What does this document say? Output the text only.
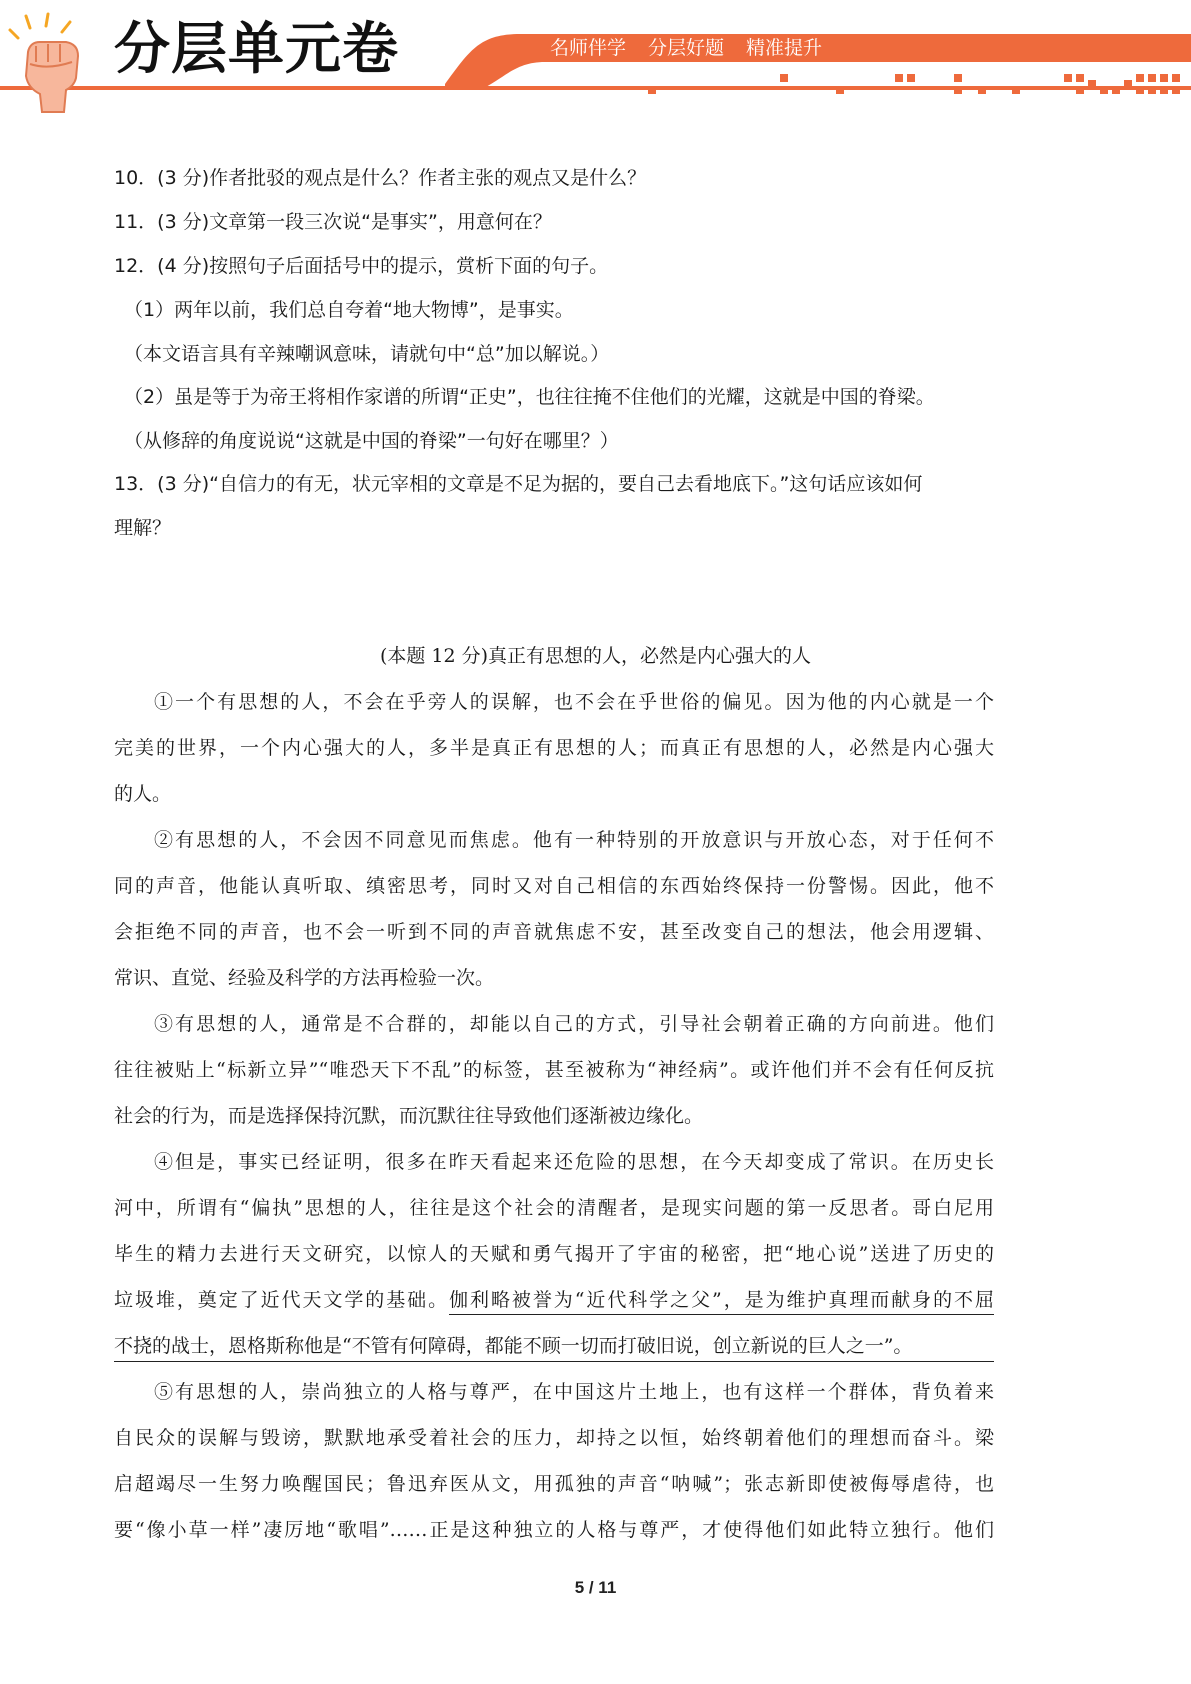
分层单元卷	名师伴学 分层好题 精准提升
10．(3 分)作者批驳的观点是什么？作者主张的观点又是什么？
11．(3 分)文章第一段三次说“是事实”，用意何在？
12．(4 分)按照句子后面括号中的提示，赏析下面的句子。
（1）两年以前，我们总自夸着“地大物博”，是事实。
（本文语言具有辛辣嘲讽意味，请就句中“总”加以解说。）
（2）虽是等于为帝王将相作家谱的所谓“正史”，也往往掩不住他们的光耀，这就是中国的脊梁。
（从修辞的角度说说“这就是中国的脊梁”一句好在哪里？）
13．(3 分)“自信力的有无，状元宰相的文章是不足为据的，要自己去看地底下。”这句话应该如何
理解？
(本题 12 分)真正有思想的人，必然是内心强大的人
①一个有思想的人，不会在乎旁人的误解，也不会在乎世俗的偏见。因为他的内心就是一个
完美的世界，一个内心强大的人，多半是真正有思想的人；而真正有思想的人，必然是内心强大
的人。
②有思想的人，不会因不同意见而焦虑。他有一种特别的开放意识与开放心态，对于任何不
同的声音，他能认真听取、缜密思考，同时又对自己相信的东西始终保持一份警惕。因此，他不
会拒绝不同的声音，也不会一听到不同的声音就焦虑不安，甚至改变自己的想法，他会用逻辑、
常识、直觉、经验及科学的方法再检验一次。
③有思想的人，通常是不合群的，却能以自己的方式，引导社会朝着正确的方向前进。他们
往往被贴上“标新立异”“唯恐天下不乱”的标签，甚至被称为“神经病”。或许他们并不会有任何反抗
社会的行为，而是选择保持沉默，而沉默往往导致他们逐渐被边缘化。
④但是，事实已经证明，很多在昨天看起来还危险的思想，在今天却变成了常识。在历史长
河中，所谓有“偏执”思想的人，往往是这个社会的清醒者，是现实问题的第一反思者。哥白尼用
毕生的精力去进行天文研究，以惊人的天赋和勇气揭开了宇宙的秘密，把“地心说”送进了历史的
垃圾堆，奠定了近代天文学的基础。伽利略被誉为“近代科学之父”，是为维护真理而献身的不屈
不挠的战士，恩格斯称他是“不管有何障碍，都能不顾一切而打破旧说，创立新说的巨人之一”。
⑤有思想的人，崇尚独立的人格与尊严，在中国这片土地上，也有这样一个群体，背负着来
自民众的误解与毁谤，默默地承受着社会的压力，却持之以恒，始终朝着他们的理想而奋斗。梁
启超竭尽一生努力唤醒国民；鲁迅弃医从文，用孤独的声音“呐喊”；张志新即使被侮辱虐待，也
要“像小草一样”凄厉地“歌唱”……正是这种独立的人格与尊严，才使得他们如此特立独行。他们
5 / 11
